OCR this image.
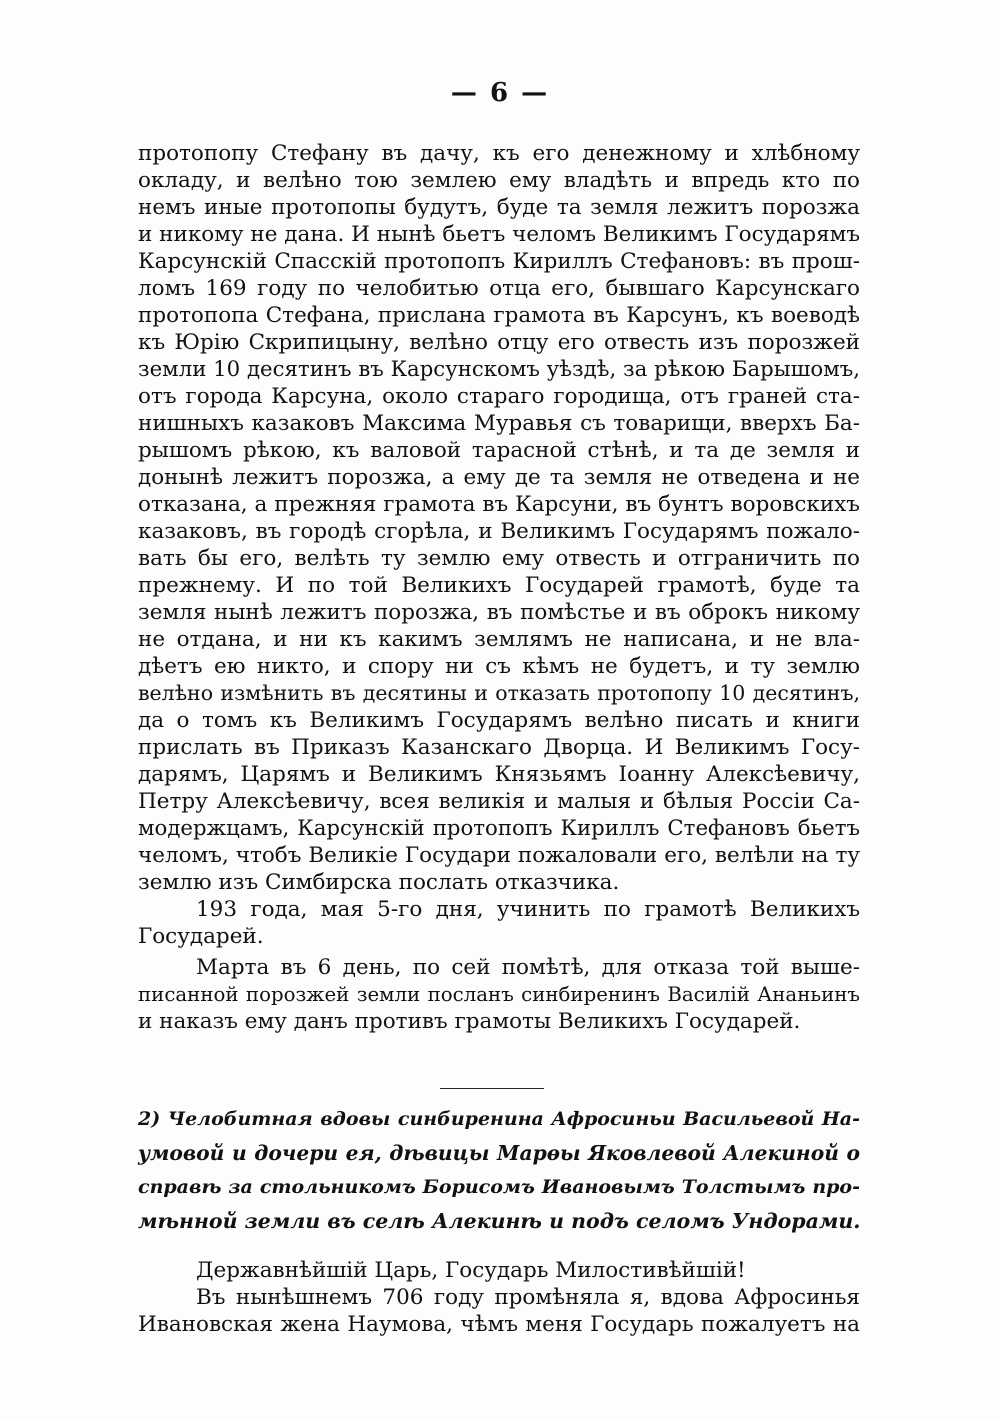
— 6 —
протопопу Стефану въ дачу, къ его денежному и хлѣбному
окладу, и велѣно тою землею ему владѣть и впредь кто по
немъ иные протопопы будутъ, буде та земля лежитъ порозжа
и никому не дана. И нынѣ бьетъ челомъ Великимъ Государямъ
Карсунскій Спасскій протопопъ Кириллъ Стефановъ: въ прош-
ломъ 169 году по челобитью отца его, бывшаго Карсунскаго
протопопа Стефана, прислана грамота въ Карсунъ, къ воеводѣ
къ Юрію Скрипицыну, велѣно отцу его отвесть изъ порозжей
земли 10 десятинъ въ Карсунскомъ уѣздѣ, за рѣкою Барышомъ,
отъ города Карсуна, около стараго городища, отъ граней ста-
нишныхъ казаковъ Максима Муравья съ товарищи, вверхъ Ба-
рышомъ рѣкою, къ валовой тарасной стѣнѣ, и та де земля и
донынѣ лежитъ порозжа, а ему де та земля не отведена и не
отказана, а прежняя грамота въ Карсуни, въ бунтъ воровскихъ
казаковъ, въ городѣ сгорѣла, и Великимъ Государямъ пожало-
вать бы его, велѣть ту землю ему отвесть и отграничить по
прежнему. И по той Великихъ Государей грамотѣ, буде та
земля нынѣ лежитъ порозжа, въ помѣстье и въ оброкъ никому
не отдана, и ни къ какимъ землямъ не написана, и не вла-
дѣетъ ею никто, и спору ни съ кѣмъ не будетъ, и ту землю
велѣно измѣнить въ десятины и отказать протопопу 10 десятинъ,
да о томъ къ Великимъ Государямъ велѣно писать и книги
прислать въ Приказъ Казанскаго Дворца. И Великимъ Госу-
дарямъ, Царямъ и Великимъ Князьямъ Іоанну Алексѣевичу,
Петру Алексѣевичу, всея великія и малыя и бѣлыя Россіи Са-
модержцамъ, Карсунскій протопопъ Кириллъ Стефановъ бьетъ
челомъ, чтобъ Великіе Государи пожаловали его, велѣли на ту
землю изъ Симбирска послать отказчика.
193 года, мая 5-го дня, учинить по грамотѣ Великихъ
Государей.
Марта въ 6 день, по сей помѣтѣ, для отказа той выше-
писанной порозжей земли посланъ синбиренинъ Василій Ананьинъ
и наказъ ему данъ противъ грамоты Великихъ Государей.
2) Челобитная вдовы синбиренина Афросиньи Васильевой На-
умовой и дочери ея, дѣвицы Марѳы Яковлевой Алекиной о
справѣ за стольникомъ Борисомъ Ивановымъ Толстымъ про-
мѣнной земли въ селѣ Алекинѣ и подъ селомъ Ундорами.
Державнѣйшій Царь, Государь Милостивѣйшій!
Въ нынѣшнемъ 706 году промѣняла я, вдова Афросинья
Ивановская жена Наумова, чѣмъ меня Государь пожалуетъ на
